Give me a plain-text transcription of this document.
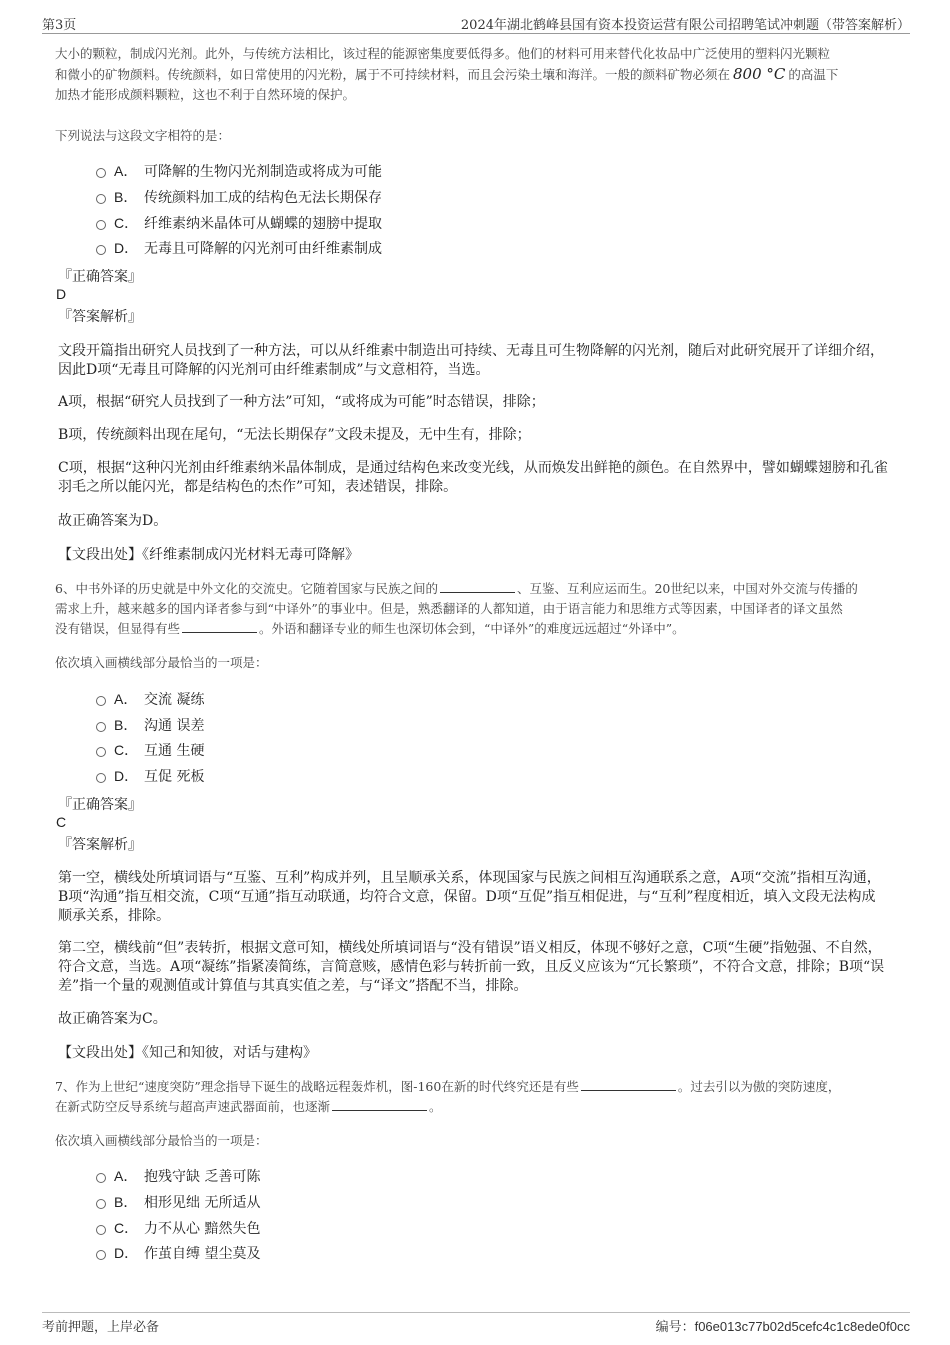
第3页	2024年湖北鹤峰县国有资本投资运营有限公司招聘笔试冲刺题（带答案解析）
大小的颗粒，制成闪光剂。此外，与传统方法相比，该过程的能源密集度要低得多。他们的材料可用来替代化妆品中广泛使用的塑料闪光颗粒
和微小的矿物颜料。传统颜料，如日常使用的闪光粉，属于不可持续材料，而且会污染土壤和海洋。一般的颜料矿物必须在 800 °C 的高温下
加热才能形成颜料颗粒，这也不利于自然环境的保护。
下列说法与这段文字相符的是：
A． 可降解的生物闪光剂制造或将成为可能
B． 传统颜料加工成的结构色无法长期保存
C． 纤维素纳米晶体可从蝴蝶的翅膀中提取
D． 无毒且可降解的闪光剂可由纤维素制成
『正确答案』
D
『答案解析』
文段开篇指出研究人员找到了一种方法，可以从纤维素中制造出可持续、无毒且可生物降解的闪光剂，随后对此研究展开了详细介绍，因此D项“无毒且可降解的闪光剂可由纤维素制成”与文意相符，当选。
A项，根据“研究人员找到了一种方法”可知，“或将成为可能”时态错误，排除；
B项，传统颜料出现在尾句，“无法长期保存”文段未提及，无中生有，排除；
C项，根据“这种闪光剂由纤维素纳米晶体制成，是通过结构色来改变光线，从而焕发出鲜艳的颜色。在自然界中，譬如蝴蝶翅膀和孔雀羽毛之所以能闪光，都是结构色的杰作”可知，表述错误，排除。
故正确答案为D。
【文段出处】《纤维素制成闪光材料无毒可降解》
6、中书外译的历史就是中外文化的交流史。它随着国家与民族之间的	、互鉴、互利应运而生。20世纪以来，中国对外交流与传播的
需求上升，越来越多的国内译者参与到“中译外”的事业中。但是，熟悉翻译的人都知道，由于语言能力和思维方式等因素，中国译者的译文虽然
没有错误，但显得有些	。外语和翻译专业的师生也深切体会到，“中译外”的难度远远超过“外译中”。
依次填入画横线部分最恰当的一项是：
A． 交流 凝练
B． 沟通 误差
C． 互通 生硬
D． 互促 死板
『正确答案』
C
『答案解析』
第一空，横线处所填词语与“互鉴、互利”构成并列，且呈顺承关系，体现国家与民族之间相互沟通联系之意，A项“交流”指相互沟通，B项“沟通”指互相交流，C项“互通”指互动联通，均符合文意，保留。D项“互促”指互相促进，与“互利”程度相近，填入文段无法构成顺承关系，排除。
第二空，横线前“但”表转折，根据文意可知，横线处所填词语与“没有错误”语义相反，体现不够好之意，C项“生硬”指勉强、不自然，符合文意，当选。A项“凝练”指紧凑简练，言简意赅，感情色彩与转折前一致，且反义应该为“冗长繁琐”，不符合文意，排除；B项“误差”指一个量的观测值或计算值与其真实值之差，与“译文”搭配不当，排除。
故正确答案为C。
【文段出处】《知己和知彼，对话与建构》
7、作为上世纪“速度突防”理念指导下诞生的战略远程轰炸机，图-160在新的时代终究还是有些	。过去引以为傲的突防速度，
在新式防空反导系统与超高声速武器面前，也逐渐	。
依次填入画横线部分最恰当的一项是：
A． 抱残守缺 乏善可陈
B． 相形见绌 无所适从
C． 力不从心 黯然失色
D． 作茧自缚 望尘莫及
考前押题，上岸必备	编号：f06e013c77b02d5cefc4c1c8ede0f0cc
